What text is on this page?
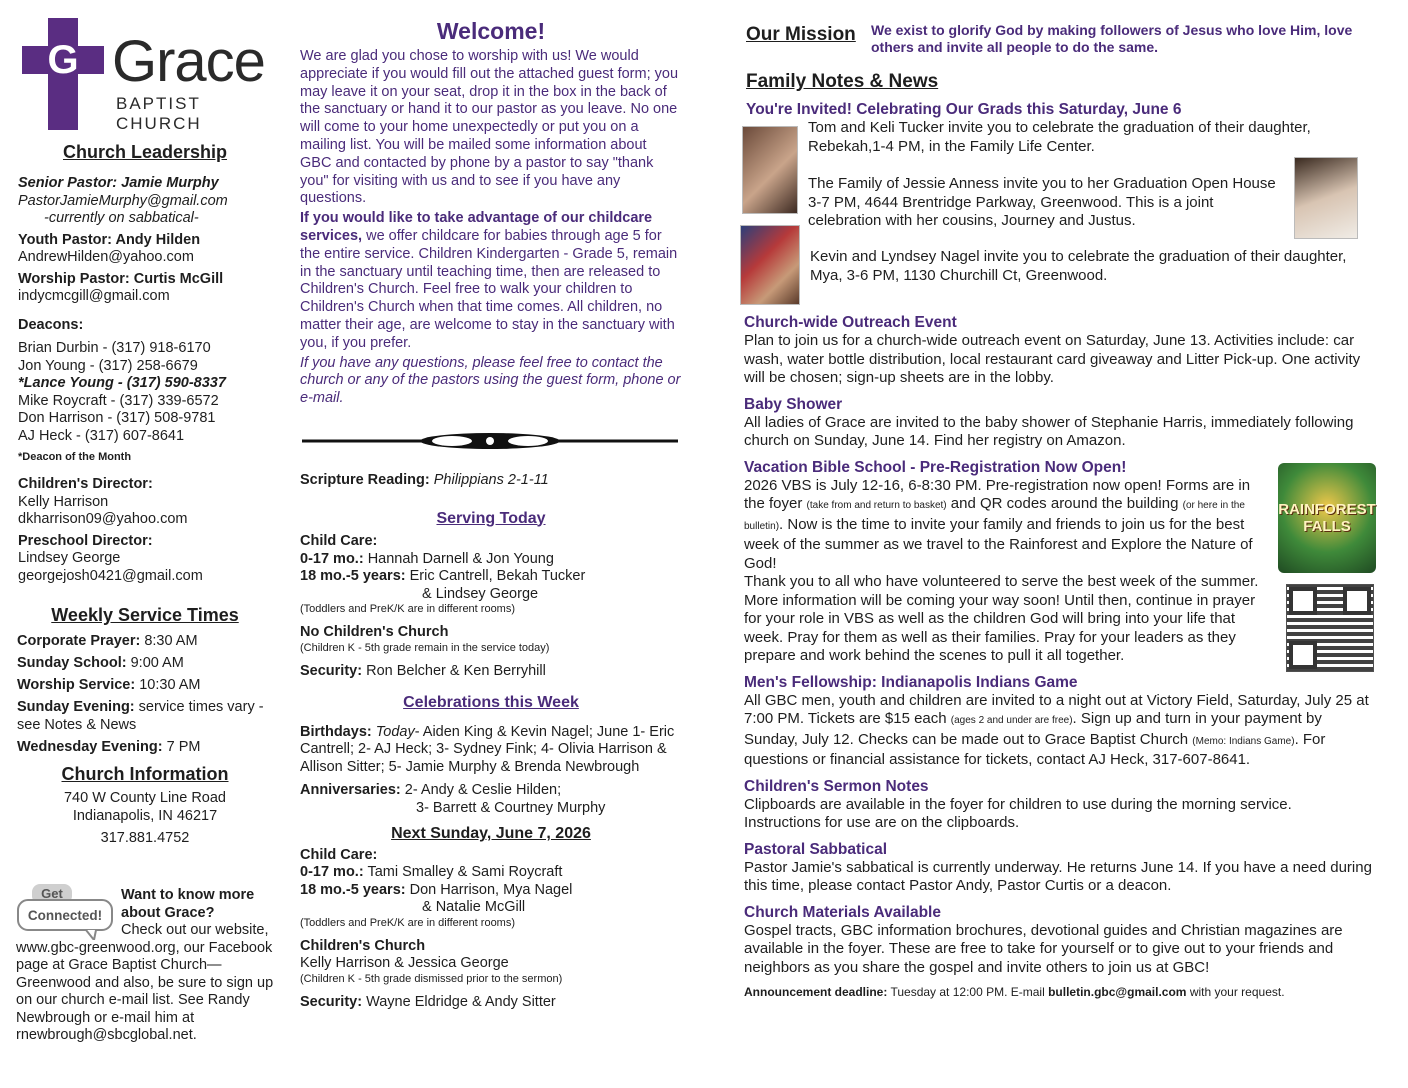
G Grace
BAPTIST CHURCH
Church Leadership
Senior Pastor: Jamie Murphy
PastorJamieMurphy@gmail.com
-currently on sabbatical-
Youth Pastor: Andy Hilden
AndrewHilden@yahoo.com
Worship Pastor: Curtis McGill
indycmcgill@gmail.com
Deacons:
Brian Durbin - (317) 918-6170
Jon Young - (317) 258-6679
*Lance Young - (317) 590-8337
Mike Roycraft - (317) 339-6572
Don Harrison - (317) 508-9781
AJ Heck - (317) 607-8641
*Deacon of the Month
Children's Director:
Kelly Harrison
dkharrison09@yahoo.com
Preschool Director:
Lindsey George
georgejosh0421@gmail.com
Weekly Service Times
Corporate Prayer: 8:30 AM
Sunday School: 9:00 AM
Worship Service: 10:30 AM
Sunday Evening: service times vary - see Notes & News
Wednesday Evening: 7 PM
Church Information
740 W County Line Road
Indianapolis, IN 46217
317.881.4752
Get
Connected!
Want to know more about Grace?
Check out our website, www.gbc-greenwood.org, our Facebook page at Grace Baptist Church—Greenwood and also, be sure to sign up on our church e-mail list. See Randy Newbrough or e-mail him at rnewbrough@sbcglobal.net.
Welcome!

We are glad you chose to worship with us! We would appreciate if you would fill out the attached guest form; you may leave it on your seat, drop it in the box in the back of the sanctuary or hand it to our pastor as you leave. No one will come to your home unexpectedly or put you on a mailing list. You will be mailed some information about GBC and contacted by phone by a pastor to say "thank you" for visiting with us and to see if you have any questions.

If you would like to take advantage of our childcare services, we offer childcare for babies through age 5 for the entire service. Children Kindergarten - Grade 5, remain in the sanctuary until teaching time, then are released to Children's Church. Feel free to walk your children to Children's Church when that time comes. All children, no matter their age, are welcome to stay in the sanctuary with you, if you prefer.

If you have any questions, please feel free to contact the church or any of the pastors using the guest form, phone or e-mail.

Scripture Reading: Philippians 2-1-11
Serving Today
Child Care:
0-17 mo.: Hannah Darnell & Jon Young
18 mo.-5 years: Eric Cantrell, Bekah Tucker
& Lindsey George
(Toddlers and PreK/K are in different rooms)
No Children's Church
(Children K - 5th grade remain in the service today)
Security: Ron Belcher & Ken Berryhill
Celebrations this Week
Birthdays: Today- Aiden King & Kevin Nagel; June 1- Eric Cantrell; 2- AJ Heck; 3- Sydney Fink; 4- Olivia Harrison & Allison Sitter; 5- Jamie Murphy & Brenda Newbrough
Anniversaries: 2- Andy & Ceslie Hilden;
3- Barrett & Courtney Murphy
Next Sunday, June 7, 2026
Child Care:
0-17 mo.: Tami Smalley & Sami Roycraft
18 mo.-5 years: Don Harrison, Mya Nagel
& Natalie McGill
(Toddlers and PreK/K are in different rooms)
Children's Church
Kelly Harrison & Jessica George
(Children K - 5th grade dismissed prior to the sermon)
Security: Wayne Eldridge & Andy Sitter
Our Mission We exist to glorify God by making followers of Jesus who love Him, love others and invite all people to do the same.
Family Notes & News
You're Invited! Celebrating Our Grads this Saturday, June 6
Tom and Keli Tucker invite you to celebrate the graduation of their daughter, Rebekah,1-4 PM, in the Family Life Center.
The Family of Jessie Anness invite you to her Graduation Open House 3-7 PM, 4644 Brentridge Parkway, Greenwood. This is a joint celebration with her cousins, Journey and Justus.
Kevin and Lyndsey Nagel invite you to celebrate the graduation of their daughter, Mya, 3-6 PM, 1130 Churchill Ct, Greenwood.
Church-wide Outreach Event
Plan to join us for a church-wide outreach event on Saturday, June 13. Activities include: car wash, water bottle distribution, local restaurant card giveaway and Litter Pick-up. One activity will be chosen; sign-up sheets are in the lobby.
Baby Shower
All ladies of Grace are invited to the baby shower of Stephanie Harris, immediately following church on Sunday, June 14. Find her registry on Amazon.
Vacation Bible School - Pre-Registration Now Open!
2026 VBS is July 12-16, 6-8:30 PM. Pre-registration now open! Forms are in the foyer (take from and return to basket) and QR codes around the building (or here in the bulletin). Now is the time to invite your family and friends to join us for the best week of the summer as we travel to the Rainforest and Explore the Nature of God!
Thank you to all who have volunteered to serve the best week of the summer. More information will be coming your way soon! Until then, continue in prayer for your role in VBS as well as the children God will bring into your life that week. Pray for them as well as their families. Pray for your leaders as they prepare and work behind the scenes to pull it all together.
Men's Fellowship: Indianapolis Indians Game
All GBC men, youth and children are invited to a night out at Victory Field, Saturday, July 25 at 7:00 PM. Tickets are $15 each (ages 2 and under are free). Sign up and turn in your payment by Sunday, July 12. Checks can be made out to Grace Baptist Church (Memo: Indians Game). For questions or financial assistance for tickets, contact AJ Heck, 317-607-8641.
Children's Sermon Notes
Clipboards are available in the foyer for children to use during the morning service. Instructions for use are on the clipboards.
Pastoral Sabbatical
Pastor Jamie's sabbatical is currently underway. He returns June 14. If you have a need during this time, please contact Pastor Andy, Pastor Curtis or a deacon.
Church Materials Available
Gospel tracts, GBC information brochures, devotional guides and Christian magazines are available in the foyer. These are free to take for yourself or to give out to your friends and neighbors as you share the gospel and invite others to join us at GBC!
Announcement deadline: Tuesday at 12:00 PM. E-mail bulletin.gbc@gmail.com with your request.
RAINFOREST FALLS
